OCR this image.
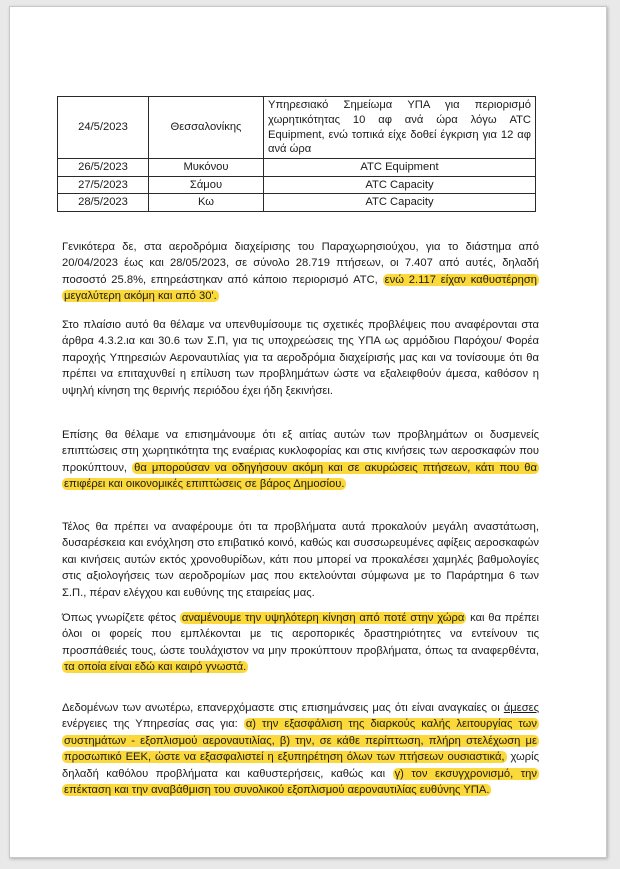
24/5/2023	Θεσσαλονίκης	Υπηρεσιακό Σημείωμα ΥΠΑ για περιορισμό χωρητικότητας 10 αφ ανά ώρα λόγω ATC Equipment, ενώ τοπικά είχε δοθεί έγκριση για 12 αφ ανά ώρα
26/5/2023	Μυκόνου	ATC Equipment
27/5/2023	Σάμου	ATC Capacity
28/5/2023	Κω	ATC Capacity

Γενικότερα δε, στα αεροδρόμια διαχείρισης του Παραχωρησιούχου, για το διάστημα από 20/04/2023 έως και 28/05/2023, σε σύνολο 28.719 πτήσεων, οι 7.407 από αυτές, δηλαδή ποσοστό 25.8%, επηρεάστηκαν από κάποιο περιορισμό ATC, ενώ 2.117 είχαν καθυστέρηση μεγαλύτερη ακόμη και από 30'.

Στο πλαίσιο αυτό θα θέλαμε να υπενθυμίσουμε τις σχετικές προβλέψεις που αναφέρονται στα άρθρα 4.3.2.ια και 30.6 των Σ.Π, για τις υποχρεώσεις της ΥΠΑ ως αρμόδιου Παρόχου/ Φορέα παροχής Υπηρεσιών Αεροναυτιλίας για τα αεροδρόμια διαχείρισής μας και να τονίσουμε ότι θα πρέπει να επιταχυνθεί η επίλυση των προβλημάτων ώστε να εξαλειφθούν άμεσα, καθόσον η υψηλή κίνηση της θερινής περιόδου έχει ήδη ξεκινήσει.

Επίσης θα θέλαμε να επισημάνουμε ότι εξ αιτίας αυτών των προβλημάτων οι δυσμενείς επιπτώσεις στη χωρητικότητα της εναέριας κυκλοφορίας και στις κινήσεις των αεροσκαφών που προκύπτουν, θα μπορούσαν να οδηγήσουν ακόμη και σε ακυρώσεις πτήσεων, κάτι που θα επιφέρει και οικονομικές επιπτώσεις σε βάρος Δημοσίου.

Τέλος θα πρέπει να αναφέρουμε ότι τα προβλήματα αυτά προκαλούν μεγάλη αναστάτωση, δυσαρέσκεια και ενόχληση στο επιβατικό κοινό, καθώς και συσσωρευμένες αφίξεις αεροσκαφών και κινήσεις αυτών εκτός χρονοθυρίδων, κάτι που μπορεί να προκαλέσει χαμηλές βαθμολογίες στις αξιολογήσεις των αεροδρομίων μας που εκτελούνται σύμφωνα με το Παράρτημα 6 των Σ.Π., πέραν ελέγχου και ευθύνης της εταιρείας μας.

Όπως γνωρίζετε φέτος αναμένουμε την υψηλότερη κίνηση από ποτέ στην χώρα και θα πρέπει όλοι οι φορείς που εμπλέκονται με τις αεροπορικές δραστηριότητες να εντείνουν τις προσπάθειές τους, ώστε τουλάχιστον να μην προκύπτουν προβλήματα, όπως τα αναφερθέντα, τα οποία είναι εδώ και καιρό γνωστά.

Δεδομένων των ανωτέρω, επανερχόμαστε στις επισημάνσεις μας ότι είναι αναγκαίες οι άμεσες ενέργειες της Υπηρεσίας σας για: α) την εξασφάλιση της διαρκούς καλής λειτουργίας των συστημάτων - εξοπλισμού αεροναυτιλίας, β) την, σε κάθε περίπτωση, πλήρη στελέχωση με προσωπικό ΕΕΚ, ώστε να εξασφαλιστεί η εξυπηρέτηση όλων των πτήσεων ουσιαστικά, χωρίς δηλαδή καθόλου προβλήματα και καθυστερήσεις, καθώς και γ) τον εκσυγχρονισμό, την επέκταση και την αναβάθμιση του συνολικού εξοπλισμού αεροναυτιλίας ευθύνης ΥΠΑ.
